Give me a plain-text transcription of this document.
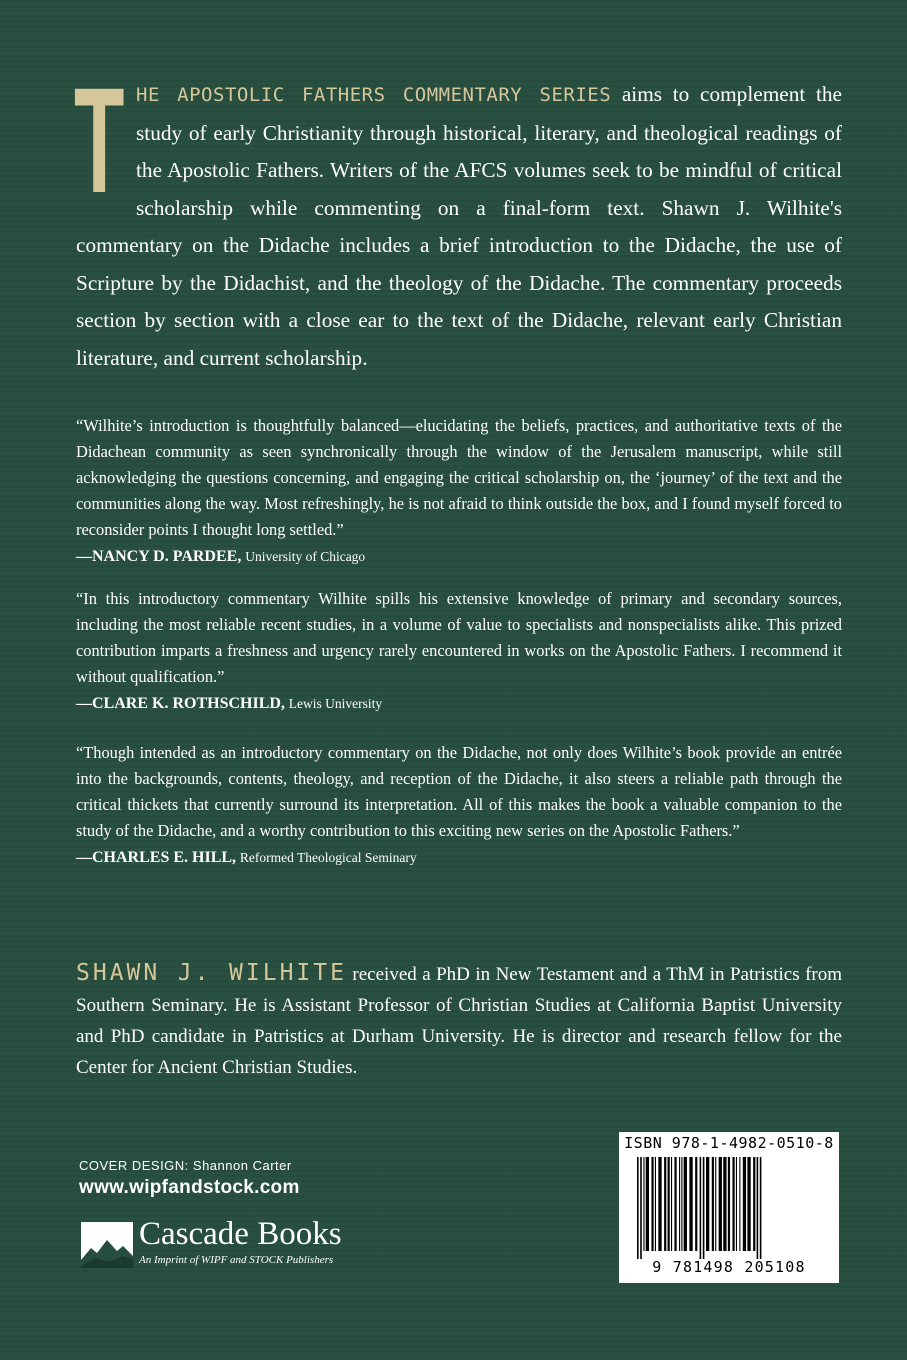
THE APOSTOLIC FATHERS COMMENTARY SERIES aims to complement the study of early Christianity through historical, literary, and theological readings of the Apostolic Fathers. Writers of the AFCS volumes seek to be mindful of critical scholarship while commenting on a final-form text. Shawn J. Wilhite's commentary on the Didache includes a brief introduction to the Didache, the use of Scripture by the Didachist, and the theology of the Didache. The commentary proceeds section by section with a close ear to the text of the Didache, relevant early Christian literature, and current scholarship.
“Wilhite’s introduction is thoughtfully balanced—elucidating the beliefs, practices, and authoritative texts of the Didachean community as seen synchronically through the window of the Jerusalem manuscript, while still acknowledging the questions concerning, and engaging the critical scholarship on, the ‘journey’ of the text and the communities along the way. Most refreshingly, he is not afraid to think outside the box, and I found myself forced to reconsider points I thought long settled.”
—NANCY D. PARDEE, University of Chicago
“In this introductory commentary Wilhite spills his extensive knowledge of primary and secondary sources, including the most reliable recent studies, in a volume of value to specialists and nonspecialists alike. This prized contribution imparts a freshness and urgency rarely encountered in works on the Apostolic Fathers. I recommend it without qualification.”
—CLARE K. ROTHSCHILD, Lewis University
“Though intended as an introductory commentary on the Didache, not only does Wilhite’s book provide an entrée into the backgrounds, contents, theology, and reception of the Didache, it also steers a reliable path through the critical thickets that currently surround its interpretation. All of this makes the book a valuable companion to the study of the Didache, and a worthy contribution to this exciting new series on the Apostolic Fathers.”
—CHARLES E. HILL, Reformed Theological Seminary
SHAWN J. WILHITE received a PhD in New Testament and a ThM in Patristics from Southern Seminary. He is Assistant Professor of Christian Studies at California Baptist University and PhD candidate in Patristics at Durham University. He is director and research fellow for the Center for Ancient Christian Studies.
COVER DESIGN: Shannon Carter
www.wipfandstock.com
Cascade Books
An Imprint of WIPF and STOCK Publishers
ISBN 978-1-4982-0510-8
9 781498 205108
